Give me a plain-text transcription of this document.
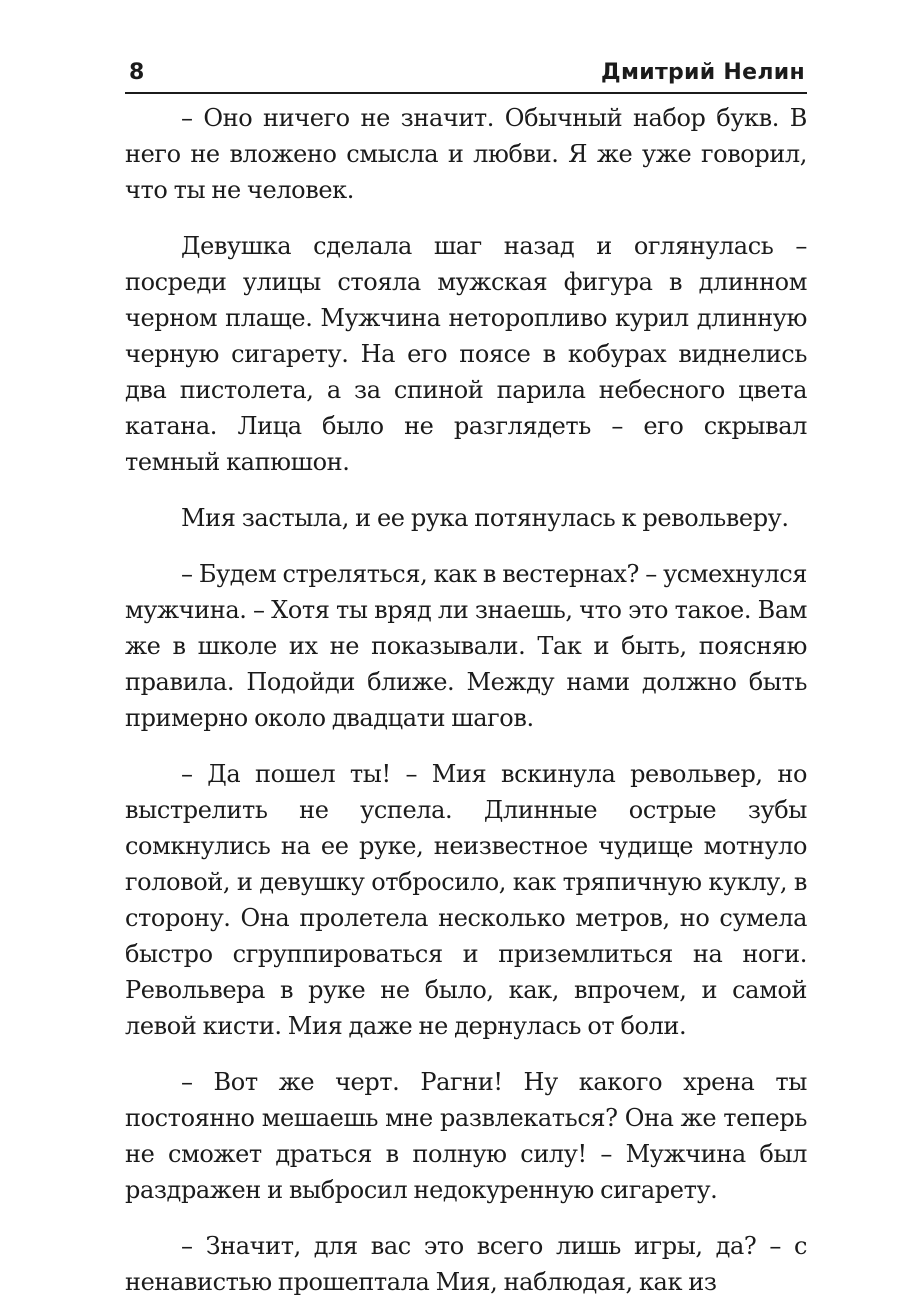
8	Дмитрий Нелин

– Оно ничего не значит. Обычный набор букв. В него не вложено смысла и любви. Я же уже говорил, что ты не человек.

Девушка сделала шаг назад и оглянулась – посреди улицы стояла мужская фигура в длинном черном плаще. Мужчина неторопливо курил длинную черную сигарету. На его поясе в кобурах виднелись два пистолета, а за спиной парила небесного цвета катана. Лица было не разглядеть – его скрывал темный капюшон.

Мия застыла, и ее рука потянулась к револьверу.

– Будем стреляться, как в вестернах? – усмехнулся мужчина. – Хотя ты вряд ли знаешь, что это такое. Вам же в школе их не показывали. Так и быть, поясняю правила. Подойди ближе. Между нами должно быть примерно около двадцати шагов.

– Да пошел ты! – Мия вскинула револьвер, но выстрелить не успела. Длинные острые зубы сомкнулись на ее руке, неизвестное чудище мотнуло головой, и девушку отбросило, как тряпичную куклу, в сторону. Она пролетела несколько метров, но сумела быстро сгруппироваться и приземлиться на ноги. Револьвера в руке не было, как, впрочем, и самой левой кисти. Мия даже не дернулась от боли.

– Вот же черт. Рагни! Ну какого хрена ты постоянно мешаешь мне развлекаться? Она же теперь не сможет драться в полную силу! – Мужчина был раздражен и выбросил недокуренную сигарету.

– Значит, для вас это всего лишь игры, да? – с ненавистью прошептала Мия, наблюдая, как из
